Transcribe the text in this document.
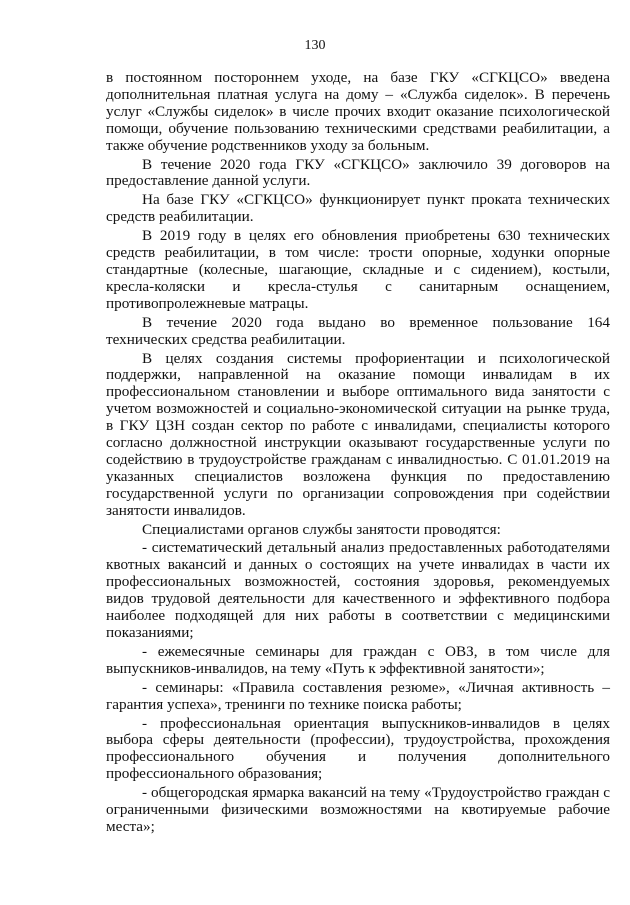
130

в постоянном постороннем уходе, на базе ГКУ «СГКЦСО» введена дополнительная платная услуга на дому – «Служба сиделок». В перечень услуг «Службы сиделок» в числе прочих входит оказание психологической помощи, обучение пользованию техническими средствами реабилитации, а также обучение родственников уходу за больным.

В течение 2020 года ГКУ «СГКЦСО» заключило 39 договоров на предоставление данной услуги.

На базе ГКУ «СГКЦСО» функционирует пункт проката технических средств реабилитации.

В 2019 году в целях его обновления приобретены 630 технических средств реабилитации, в том числе: трости опорные, ходунки опорные стандартные (колесные, шагающие, складные и с сидением), костыли, кресла-коляски и кресла-стулья с санитарным оснащением, противопролежневые матрацы.

В течение 2020 года выдано во временное пользование 164 технических средства реабилитации.

В целях создания системы профориентации и психологической поддержки, направленной на оказание помощи инвалидам в их профессиональном становлении и выборе оптимального вида занятости с учетом возможностей и социально-экономической ситуации на рынке труда, в ГКУ ЦЗН создан сектор по работе с инвалидами, специалисты которого согласно должностной инструкции оказывают государственные услуги по содействию в трудоустройстве гражданам с инвалидностью. С 01.01.2019 на указанных специалистов возложена функция по предоставлению государственной услуги по организации сопровождения при содействии занятости инвалидов.

Специалистами органов службы занятости проводятся:

- систематический детальный анализ предоставленных работодателями квотных вакансий и данных о состоящих на учете инвалидах в части их профессиональных возможностей, состояния здоровья, рекомендуемых видов трудовой деятельности для качественного и эффективного подбора наиболее подходящей для них работы в соответствии с медицинскими показаниями;

- ежемесячные семинары для граждан с ОВЗ, в том числе для выпускников-инвалидов, на тему «Путь к эффективной занятости»;

- семинары: «Правила составления резюме», «Личная активность – гарантия успеха», тренинги по технике поиска работы;

- профессиональная ориентация выпускников-инвалидов в целях выбора сферы деятельности (профессии), трудоустройства, прохождения профессионального обучения и получения дополнительного профессионального образования;

- общегородская ярмарка вакансий на тему «Трудоустройство граждан с ограниченными физическими возможностями на квотируемые рабочие места»;
